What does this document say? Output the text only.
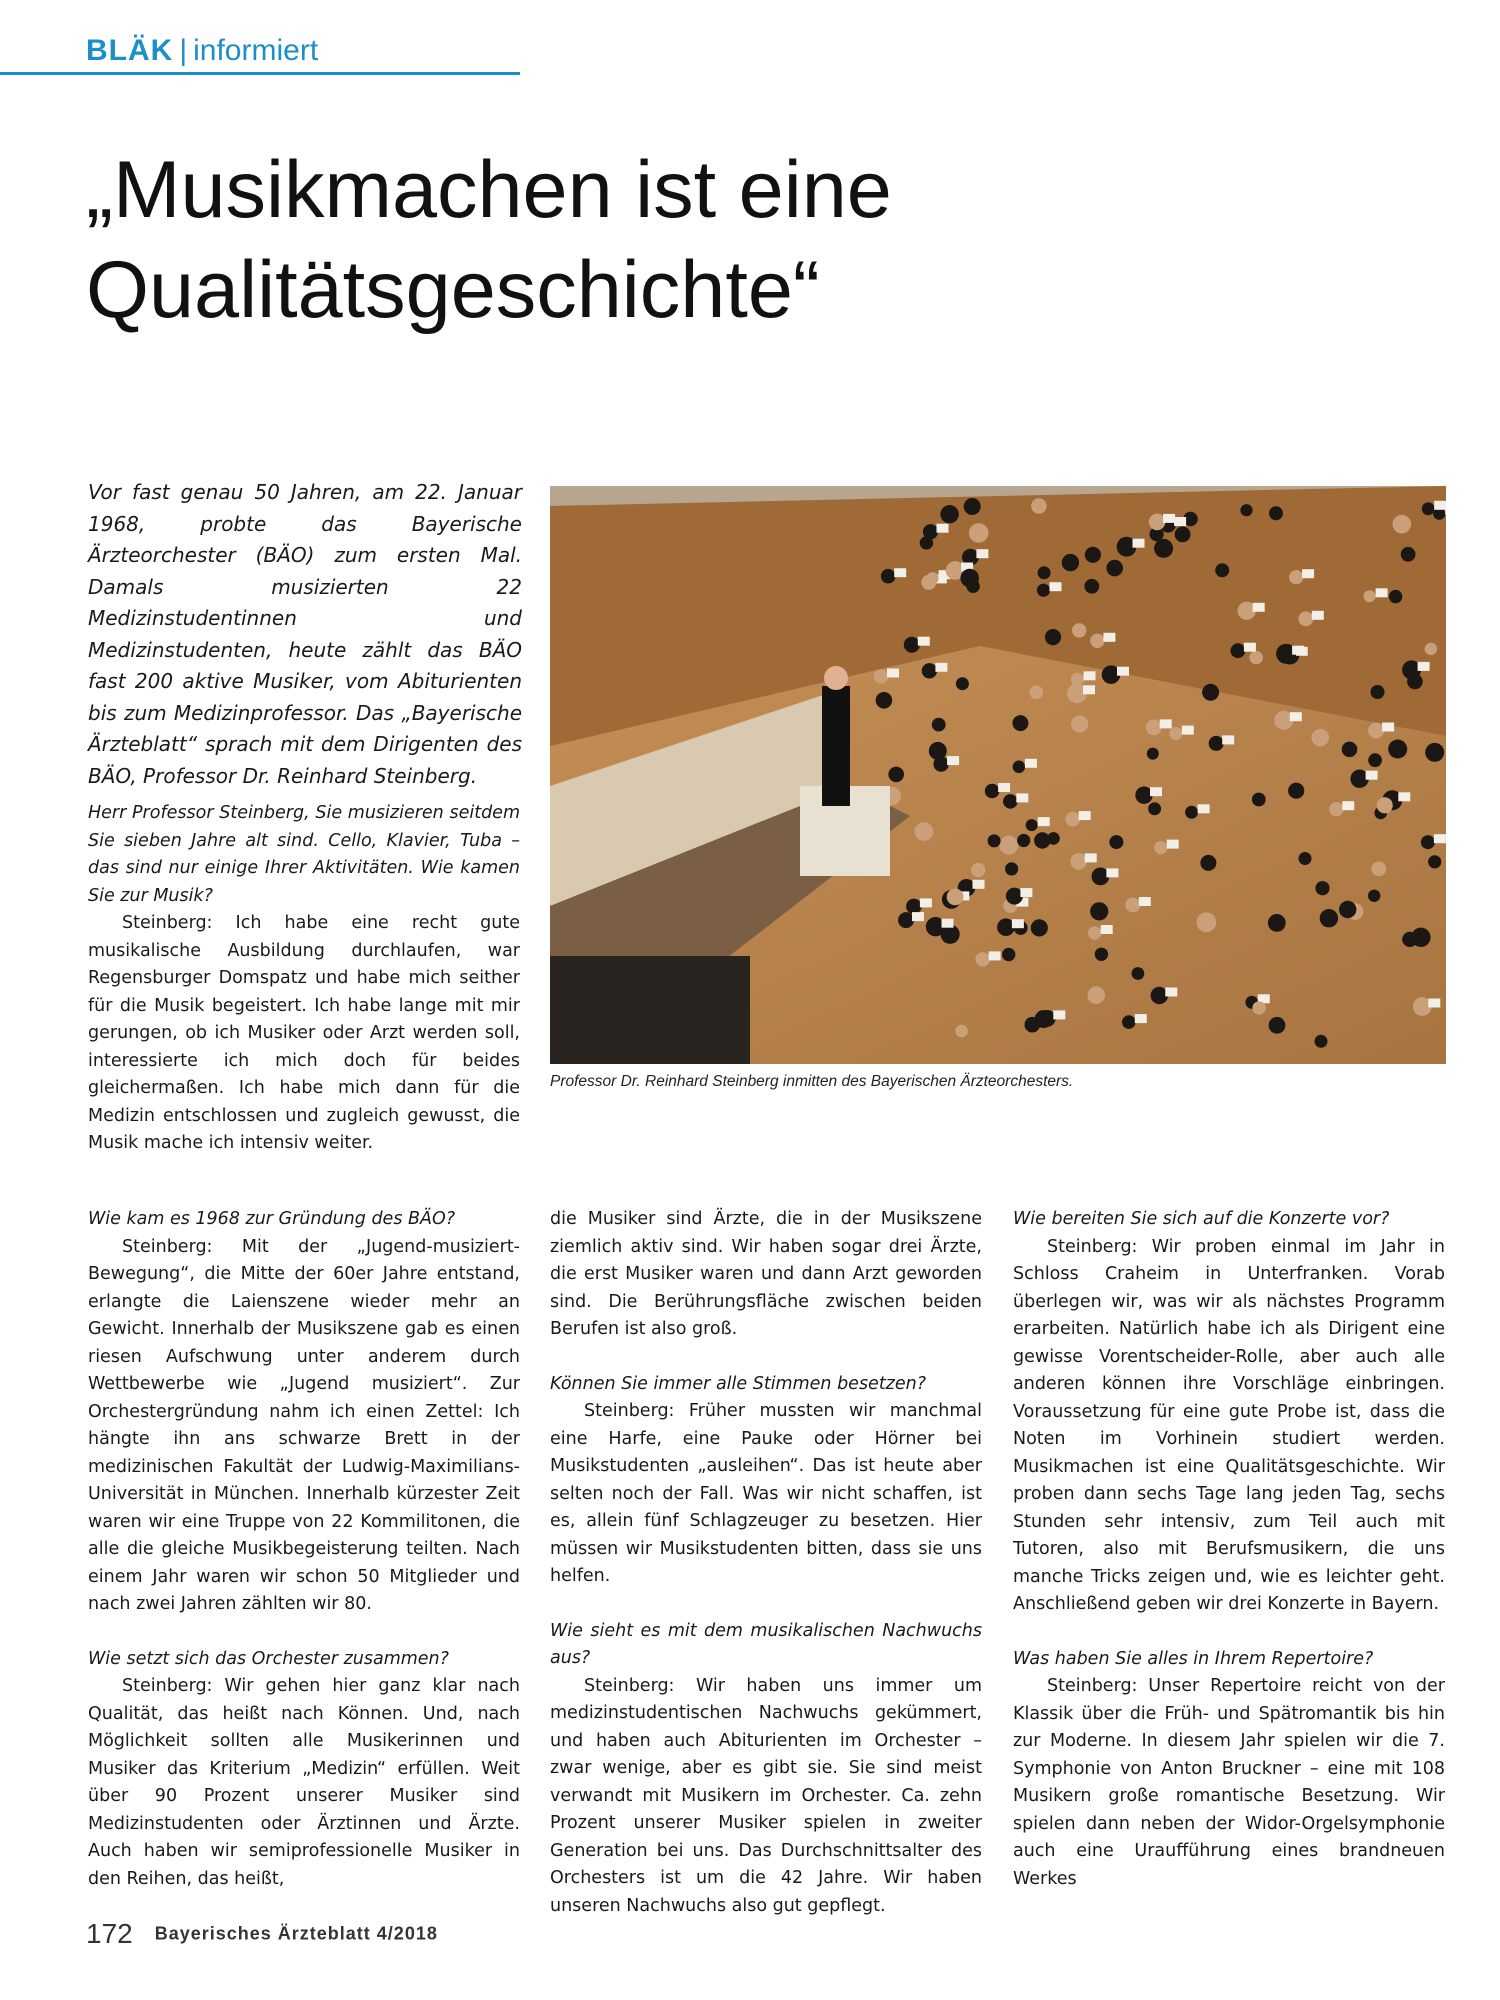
BLÄK | informiert
„Musikmachen ist eine
Qualitätsgeschichte“
Vor fast genau 50 Jahren, am 22. Januar 1968, probte das Bayerische Ärzteorchester (BÄO) zum ersten Mal. Damals musizierten 22 Medizinstudentinnen und Medizinstudenten, heute zählt das BÄO fast 200 aktive Musiker, vom Abiturienten bis zum Medizinprofessor. Das „Bayerische Ärzteblatt“ sprach mit dem Dirigenten des BÄO, Professor Dr. Reinhard Steinberg.
Professor Dr. Reinhard Steinberg inmitten des Bayerischen Ärzteorchesters.

Herr Professor Steinberg, Sie musizieren seitdem Sie sieben Jahre alt sind. Cello, Klavier, Tuba – das sind nur einige Ihrer Aktivitäten. Wie kamen Sie zur Musik?

Steinberg: Ich habe eine recht gute musikalische Ausbildung durchlaufen, war Regensburger Domspatz und habe mich seither für die Musik begeistert. Ich habe lange mit mir gerungen, ob ich Musiker oder Arzt werden soll, interessierte ich mich doch für beides gleichermaßen. Ich habe mich dann für die Medizin entschlossen und zugleich gewusst, die Musik mache ich intensiv weiter.

Wie kam es 1968 zur Gründung des BÄO?

Steinberg: Mit der „Jugend-musiziert-Bewegung“, die Mitte der 60er Jahre entstand, erlangte die Laienszene wieder mehr an Gewicht. Innerhalb der Musikszene gab es einen riesen Aufschwung unter anderem durch Wettbewerbe wie „Jugend musiziert“. Zur Orchestergründung nahm ich einen Zettel: Ich hängte ihn ans schwarze Brett in der medizinischen Fakultät der Ludwig-Maximilians-Universität in München. Innerhalb kürzester Zeit waren wir eine Truppe von 22 Kommilitonen, die alle die gleiche Musikbegeisterung teilten. Nach einem Jahr waren wir schon 50 Mitglieder und nach zwei Jahren zählten wir 80.

Wie setzt sich das Orchester zusammen?

Steinberg: Wir gehen hier ganz klar nach Qualität, das heißt nach Können. Und, nach Möglichkeit sollten alle Musikerinnen und Musiker das Kriterium „Medizin“ erfüllen. Weit über 90 Prozent unserer Musiker sind Medizinstudenten oder Ärztinnen und Ärzte. Auch haben wir semiprofessionelle Musiker in den Reihen, das heißt,

die Musiker sind Ärzte, die in der Musikszene ziemlich aktiv sind. Wir haben sogar drei Ärzte, die erst Musiker waren und dann Arzt geworden sind. Die Berührungsfläche zwischen beiden Berufen ist also groß.

Können Sie immer alle Stimmen besetzen?

Steinberg: Früher mussten wir manchmal eine Harfe, eine Pauke oder Hörner bei Musikstudenten „ausleihen“. Das ist heute aber selten noch der Fall. Was wir nicht schaffen, ist es, allein fünf Schlagzeuger zu besetzen. Hier müssen wir Musikstudenten bitten, dass sie uns helfen.

Wie sieht es mit dem musikalischen Nachwuchs aus?

Steinberg: Wir haben uns immer um medizinstudentischen Nachwuchs gekümmert, und haben auch Abiturienten im Orchester – zwar wenige, aber es gibt sie. Sie sind meist verwandt mit Musikern im Orchester. Ca. zehn Prozent unserer Musiker spielen in zweiter Generation bei uns. Das Durchschnittsalter des Orchesters ist um die 42 Jahre. Wir haben unseren Nachwuchs also gut gepflegt.

Wie bereiten Sie sich auf die Konzerte vor?

Steinberg: Wir proben einmal im Jahr in Schloss Craheim in Unterfranken. Vorab überlegen wir, was wir als nächstes Programm erarbeiten. Natürlich habe ich als Dirigent eine gewisse Vorentscheider-Rolle, aber auch alle anderen können ihre Vorschläge einbringen. Voraussetzung für eine gute Probe ist, dass die Noten im Vorhinein studiert werden. Musikmachen ist eine Qualitätsgeschichte. Wir proben dann sechs Tage lang jeden Tag, sechs Stunden sehr intensiv, zum Teil auch mit Tutoren, also mit Berufsmusikern, die uns manche Tricks zeigen und, wie es leichter geht. Anschließend geben wir drei Konzerte in Bayern.

Was haben Sie alles in Ihrem Repertoire?

Steinberg: Unser Repertoire reicht von der Klassik über die Früh- und Spätromantik bis hin zur Moderne. In diesem Jahr spielen wir die 7. Symphonie von Anton Bruckner – eine mit 108 Musikern große romantische Besetzung. Wir spielen dann neben der Widor-Orgelsymphonie auch eine Uraufführung eines brandneuen Werkes

172 Bayerisches Ärzteblatt 4/2018
